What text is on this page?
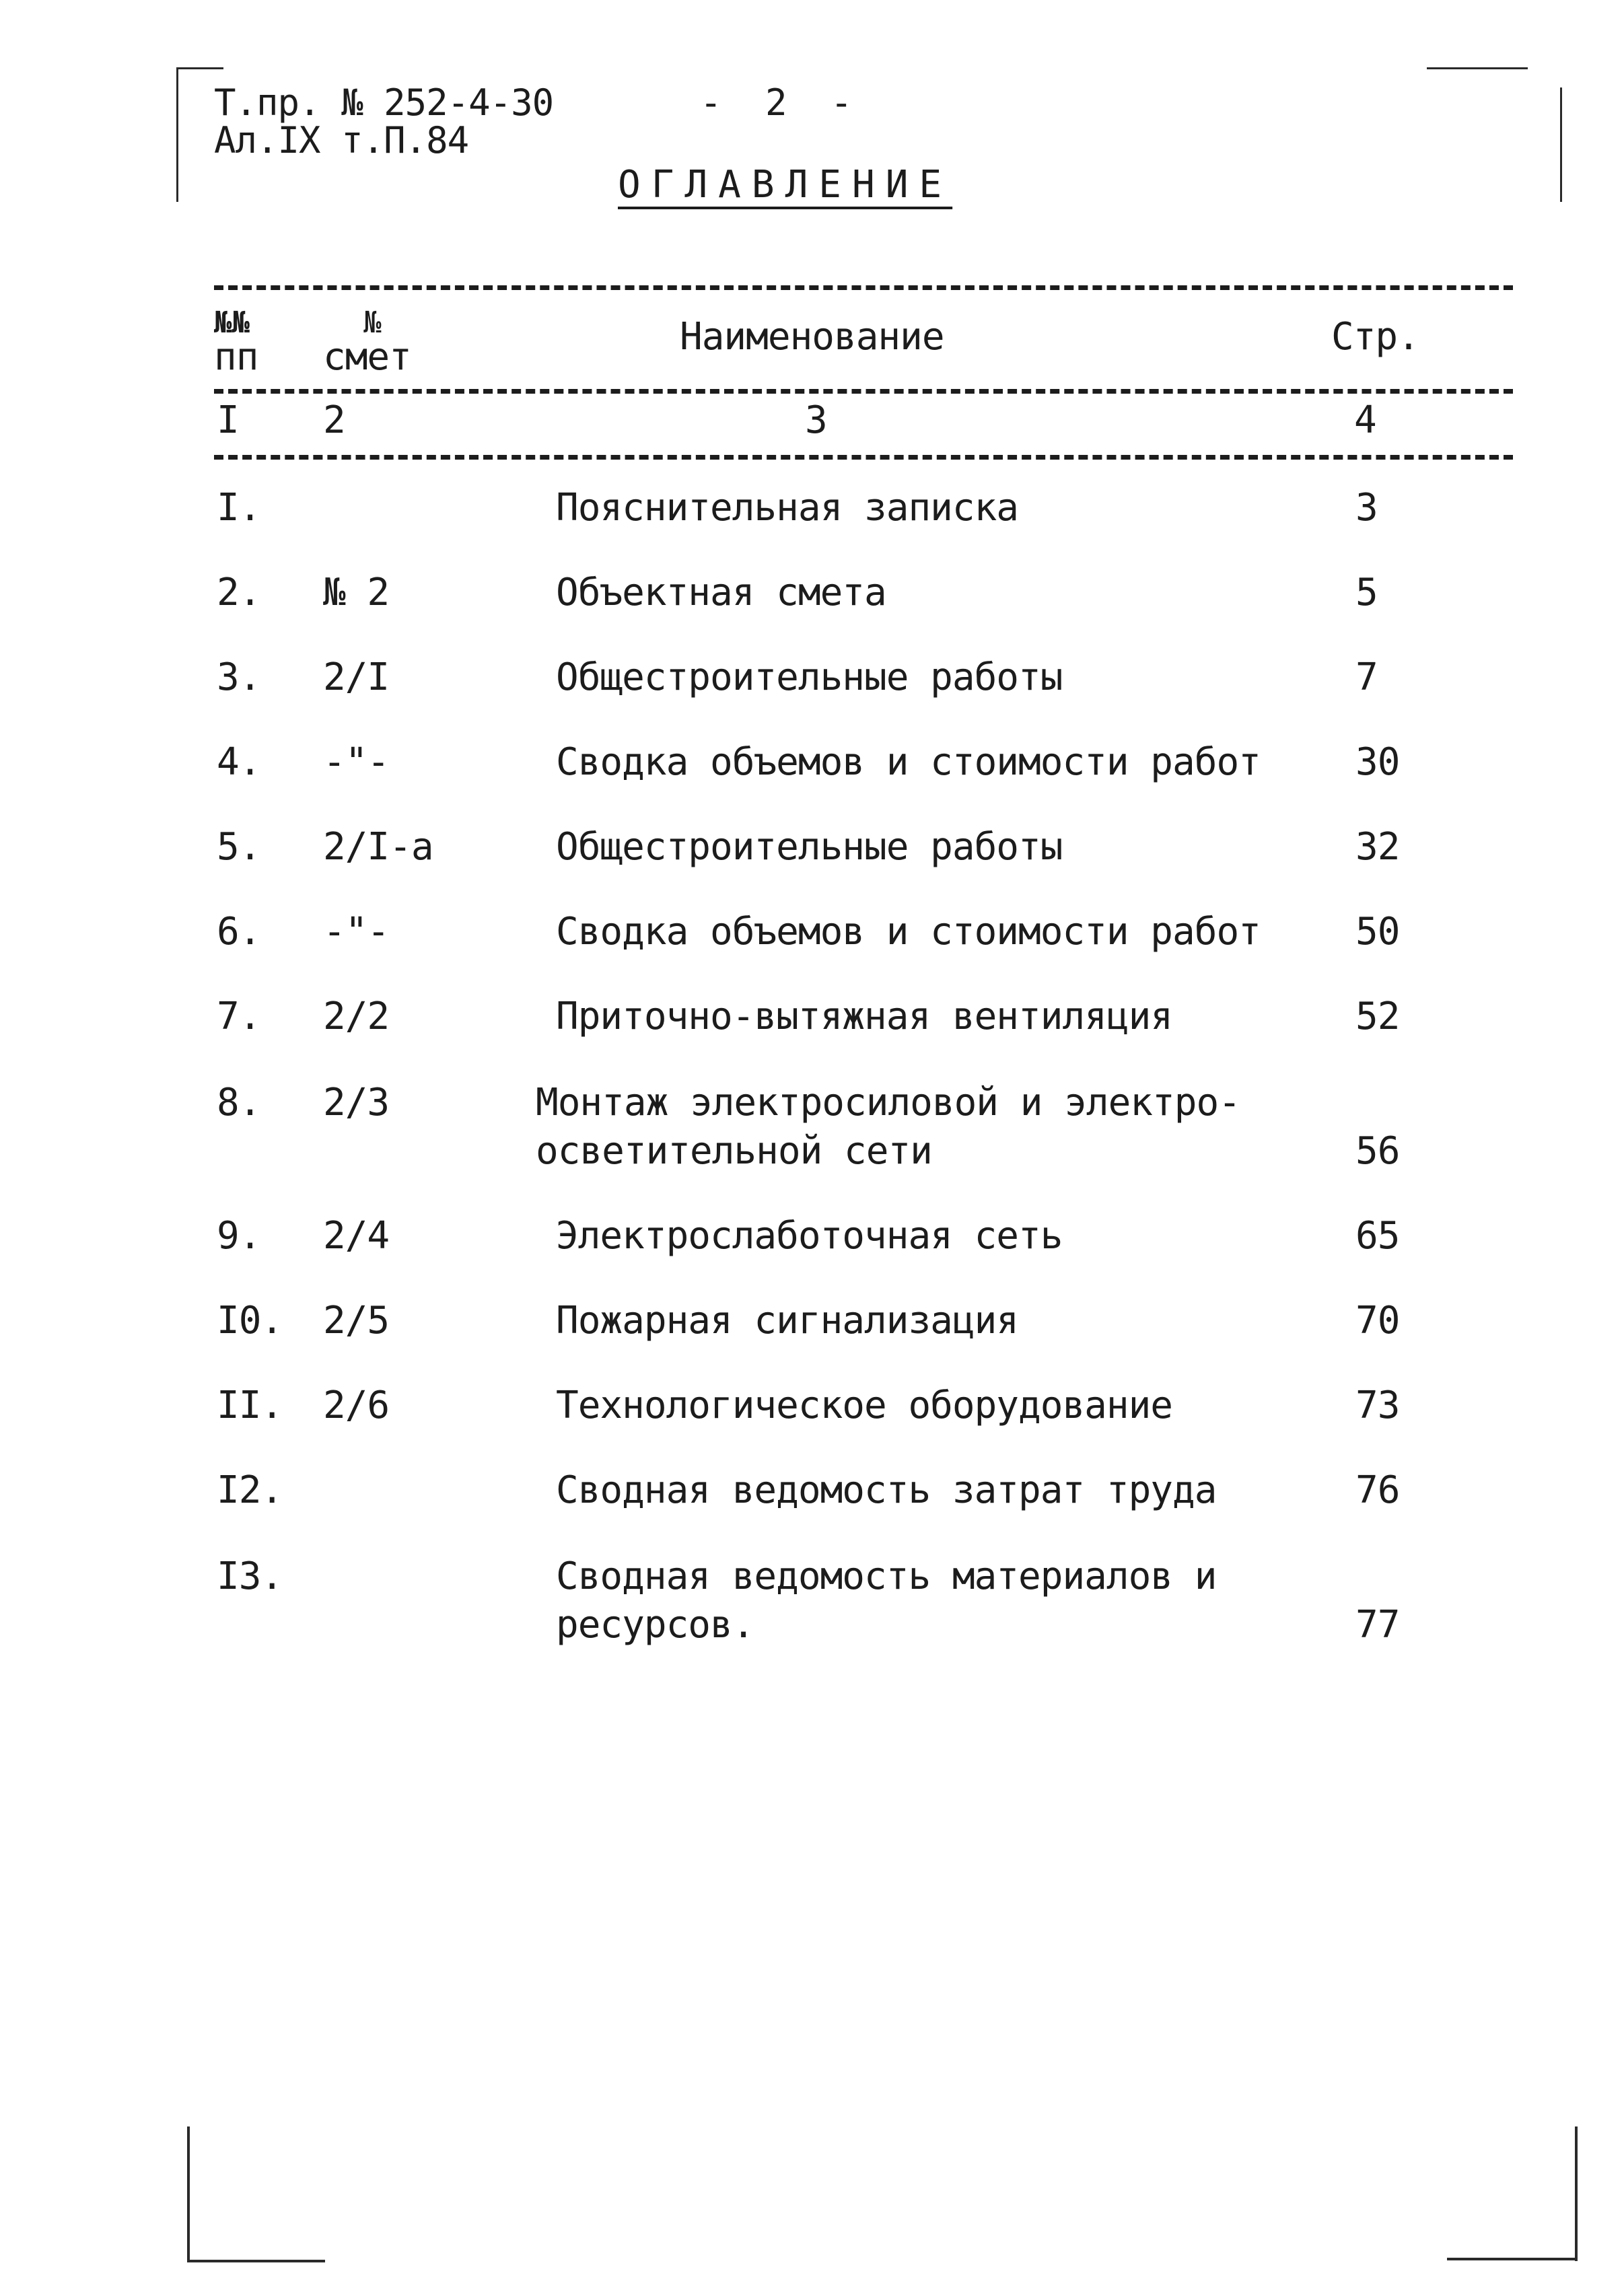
Т.пр. № 252-4-30
Ал.IX т.П.84
- 2 -
ОГЛАВЛЕНИЕ
№№
пп
№
смет	Наименование	Стр.
I 2	3	4
I.	Пояснительная записка	3
2. № 2	Объектная смета	5
3. 2/I	Общестроительные работы	7
4. -"-	Сводка объемов и стоимости работ	30
5. 2/I-а	Общестроительные работы	32
6. -"-	Сводка объемов и стоимости работ	50
7. 2/2	Приточно-вытяжная вентиляция	52
8. 2/3	Монтаж электросиловой и электро-
осветительной сети	56
9. 2/4	Электрослаботочная сеть	65
I0. 2/5	Пожарная сигнализация	70
II. 2/6	Технологическое оборудование	73
I2.	Сводная ведомость затрат труда	76
I3.	Сводная ведомость материалов и
ресурсов.	77
